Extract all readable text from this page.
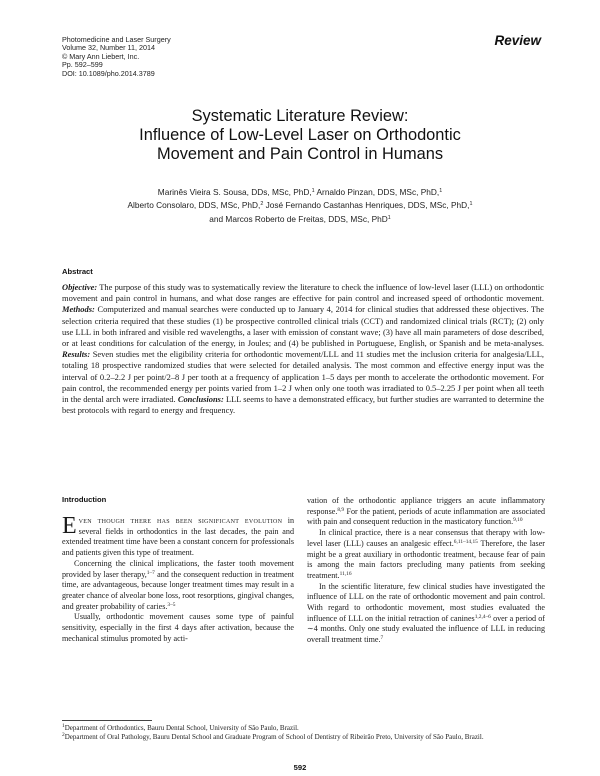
Photomedicine and Laser Surgery
Volume 32, Number 11, 2014
© Mary Ann Liebert, Inc.
Pp. 592–599
DOI: 10.1089/pho.2014.3789
Review
Systematic Literature Review:
Influence of Low-Level Laser on Orthodontic
Movement and Pain Control in Humans
Marinês Vieira S. Sousa, DDs, MSc, PhD,$^1$ Arnaldo Pinzan, DDS, MSc, PhD,$^1$
Alberto Consolaro, DDS, MSc, PhD,$^2$ José Fernando Castanhas Henriques, DDS, MSc, PhD,$^1$
and Marcos Roberto de Freitas, DDS, MSc, PhD$^1$
Abstract
Objective: The purpose of this study was to systematically review the literature to check the influence of low-level laser (LLL) on orthodontic movement and pain control in humans, and what dose ranges are effective for pain control and increased speed of orthodontic movement. Methods: Computerized and manual searches were conducted up to January 4, 2014 for clinical studies that addressed these objectives. The selection criteria required that these studies (1) be prospective controlled clinical trials (CCT) and randomized clinical trials (RCT); (2) only use LLL in both infrared and visible red wavelengths, a laser with emission of constant wave; (3) have all main parameters of dose described, or at least conditions for calculation of the energy, in Joules; and (4) be published in Portuguese, English, or Spanish and be meta-analyses. Results: Seven studies met the eligibility criteria for orthodontic movement/LLL and 11 studies met the inclusion criteria for analgesia/LLL, totaling 18 prospective randomized studies that were selected for detailed analysis. The most common and effective energy input was the interval of 0.2–2.2 J per point/2–8 J per tooth at a frequency of application 1–5 days per month to accelerate the orthodontic movement. For pain control, the recommended energy per points varied from 1–2 J when only one tooth was irradiated to 0.5–2.25 J per point when all teeth in the dental arch were irradiated. Conclusions: LLL seems to have a demonstrated efficacy, but further studies are warranted to determine the best protocols with regard to energy and frequency.
Introduction

Even though there has been significant evolution in several fields in orthodontics in the last decades, the pain and extended treatment time have been a constant concern for professionals and patients given this type of treatment.

Concerning the clinical implications, the faster tooth movement provided by laser therapy,$^{1-7}$ and the consequent reduction in treatment time, are advantageous, because longer treatment times may result in a greater chance of alveolar bone loss, root resorptions, gingival changes, and greater probability of caries.$^{3-5}$

Usually, orthodontic movement causes some type of painful sensitivity, especially in the first 4 days after activation, because the mechanical stimulus promoted by acti-

vation of the orthodontic appliance triggers an acute inflammatory response.$^{8,9}$ For the patient, periods of acute inflammation are associated with pain and consequent reduction in the masticatory function.$^{9,10}$

In clinical practice, there is a near consensus that therapy with low-level laser (LLL) causes an analgesic effect.$^{6,11-14,15}$ Therefore, the laser might be a great auxiliary in orthodontic treatment, because fear of pain is among the main factors precluding many patients from seeking treatment.$^{11,16}$

In the scientific literature, few clinical studies have investigated the influence of LLL on the rate of orthodontic movement and pain control. With regard to orthodontic movement, most studies evaluated the influence of LLL on the initial retraction of canines$^{1,2,4-6}$ over a period of ∼4 months. Only one study evaluated the influence of LLL in reducing overall treatment time.$^7$

$^1$Department of Orthodontics, Bauru Dental School, University of São Paulo, Brazil.
$^2$Department of Oral Pathology, Bauru Dental School and Graduate Program of School of Dentistry of Ribeirão Preto, University of São Paulo, Brazil.
592
